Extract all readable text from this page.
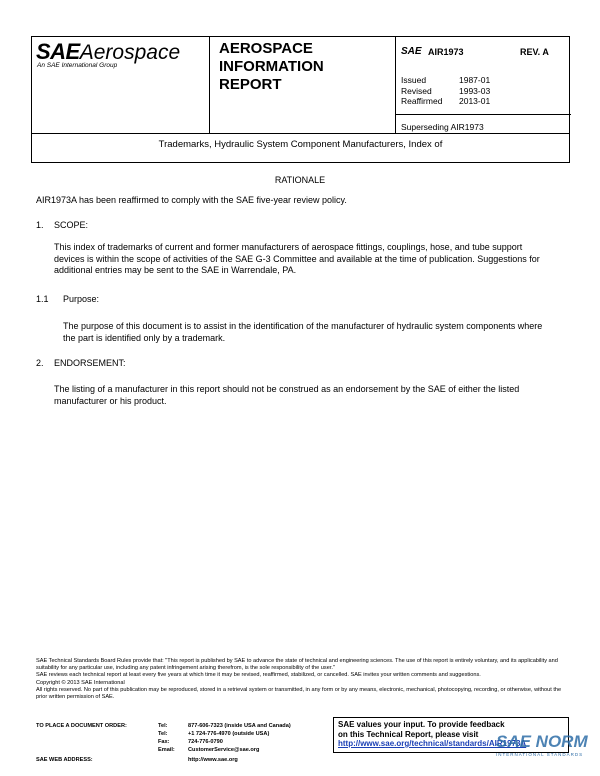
SAEAerospace
An SAE International Group
AEROSPACE
INFORMATION
REPORT
SAE AIR1973	REV. A
Issued	1987-01
Revised	1993-03
Reaffirmed	2013-01
Superseding AIR1973
Trademarks, Hydraulic System Component Manufacturers, Index of
RATIONALE
AIR1973A has been reaffirmed to comply with the SAE five-year review policy.
1. SCOPE:
This index of trademarks of current and former manufacturers of aerospace fittings, couplings, hose, and tube support devices is within the scope of activities of the SAE G-3 Committee and available at the time of publication. Suggestions for additional entries may be sent to the SAE in Warrendale, PA.
1.1 Purpose:
The purpose of this document is to assist in the identification of the manufacturer of hydraulic system components where the part is identified only by a trademark.
2. ENDORSEMENT:
The listing of a manufacturer in this report should not be construed as an endorsement by the SAE of either the listed manufacturer or his product.

SAE Technical Standards Board Rules provide that: "This report is published by SAE to advance the state of technical and engineering sciences. The use of this report is entirely voluntary, and its applicability and suitability for any particular use, including any patent infringement arising therefrom, is the sole responsibility of the user."

SAE reviews each technical report at least every five years at which time it may be revised, reaffirmed, stabilized, or cancelled. SAE invites your written comments and suggestions.

Copyright © 2013 SAE International

All rights reserved. No part of this publication may be reproduced, stored in a retrieval system or transmitted, in any form or by any means, electronic, mechanical, photocopying, recording, or otherwise, without the prior written permission of SAE.

TO PLACE A DOCUMENT ORDER:	Tel:	877-606-7323 (inside USA and Canada)
Tel:	+1 724-776-4970 (outside USA)
Fax:	724-776-0790
Email: CustomerService@sae.org
SAE WEB ADDRESS:	http://www.sae.org
SAE values your input. To provide feedback
on this Technical Report, please visit
http://www.sae.org/technical/standards/AIR1973A
SAE NORM
INTERNATIONAL STANDARDS
